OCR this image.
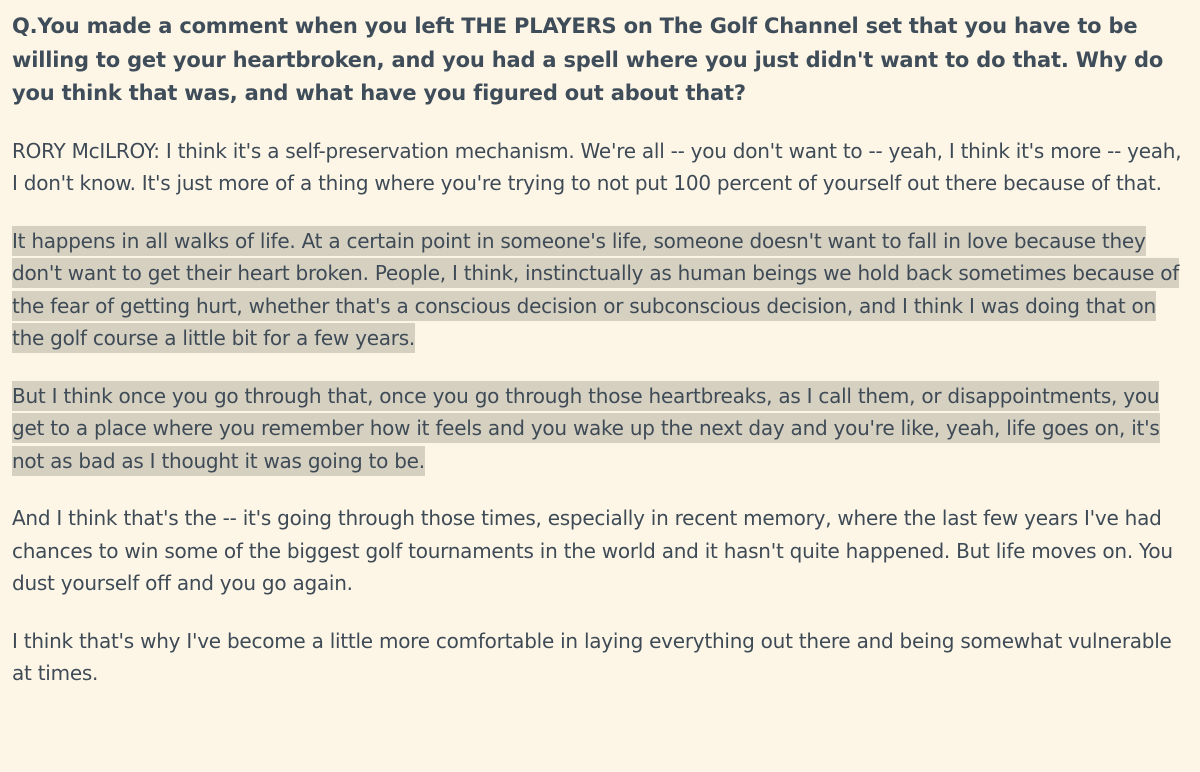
Q.You made a comment when you left THE PLAYERS on The Golf Channel set that you have to be willing to get your heartbroken, and you had a spell where you just didn't want to do that. Why do you think that was, and what have you figured out about that?

RORY McILROY: I think it's a self-preservation mechanism. We're all -- you don't want to -- yeah, I think it's more -- yeah, I don't know. It's just more of a thing where you're trying to not put 100 percent of yourself out there because of that.

It happens in all walks of life. At a certain point in someone's life, someone doesn't want to fall in love because they don't want to get their heart broken. People, I think, instinctually as human beings we hold back sometimes because of the fear of getting hurt, whether that's a conscious decision or subconscious decision, and I think I was doing that on the golf course a little bit for a few years.

But I think once you go through that, once you go through those heartbreaks, as I call them, or disappointments, you get to a place where you remember how it feels and you wake up the next day and you're like, yeah, life goes on, it's not as bad as I thought it was going to be.

And I think that's the -- it's going through those times, especially in recent memory, where the last few years I've had chances to win some of the biggest golf tournaments in the world and it hasn't quite happened. But life moves on. You dust yourself off and you go again.

I think that's why I've become a little more comfortable in laying everything out there and being somewhat vulnerable at times.
